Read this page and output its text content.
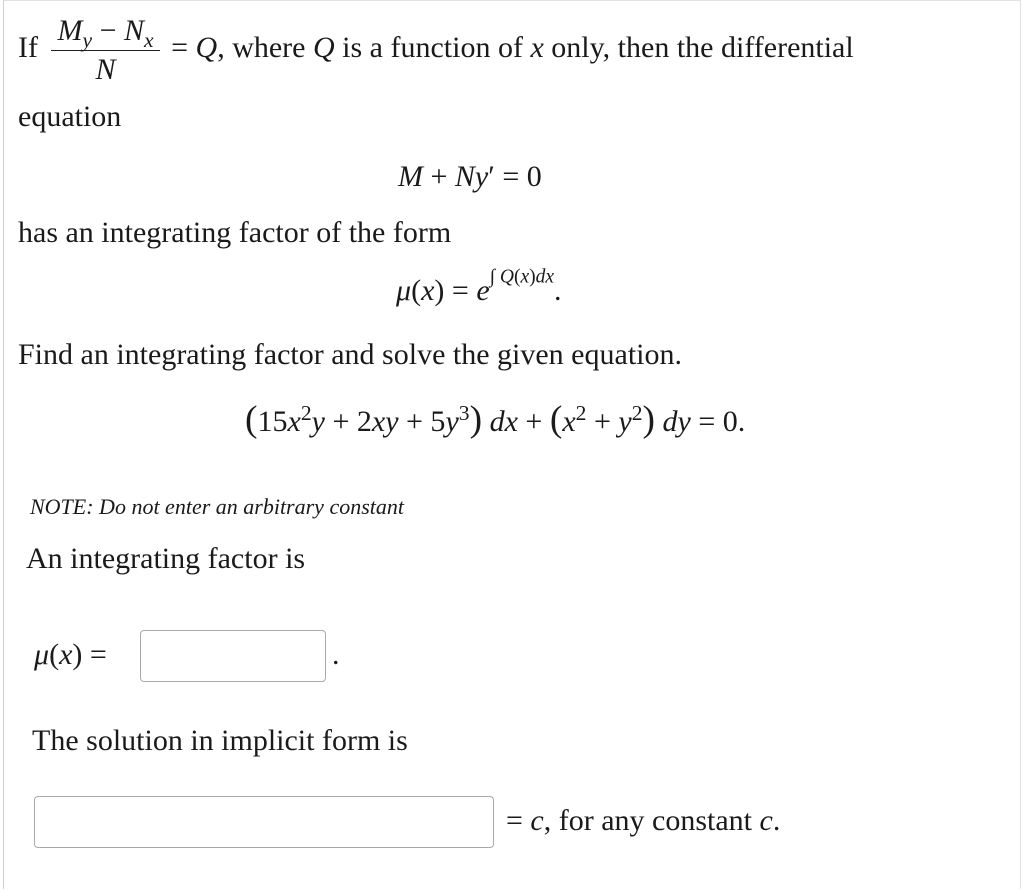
If $\frac{M_y - N_x}{N} = Q$, where Q is a function of x only, then the differential
equation
M + Ny′ = 0
has an integrating factor of the form
$\mu(x) = e^{\int Q(x)dx}$.
Find an integrating factor and solve the given equation.
$(15x^2y + 2xy + 5y^3)$ dx + $(x^2 + y^2)$ dy = 0.
NOTE: Do not enter an arbitrary constant
An integrating factor is
μ(x) =	.
The solution in implicit form is
= c, for any constant c.
